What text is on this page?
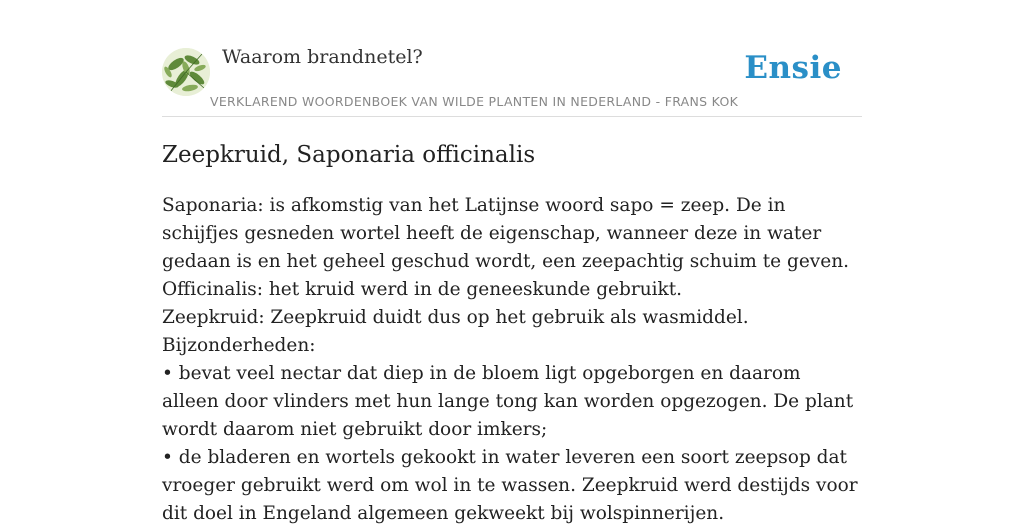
Waarom brandnetel?	Ensie
VERKLAREND WOORDENBOEK VAN WILDE PLANTEN IN NEDERLAND - FRANS KOK
Zeepkruid, Saponaria officinalis

Saponaria: is afkomstig van het Latijnse woord sapo = zeep. De in schijfjes gesneden wortel heeft de eigenschap, wanneer deze in water gedaan is en het geheel geschud wordt, een zeepachtig schuim te geven.

Officinalis: het kruid werd in de geneeskunde gebruikt.

Zeepkruid: Zeepkruid duidt dus op het gebruik als wasmiddel.

Bijzonderheden:

• bevat veel nectar dat diep in de bloem ligt opgeborgen en daarom alleen door vlinders met hun lange tong kan worden opgezogen. De plant wordt daarom niet gebruikt door imkers;

• de bladeren en wortels gekookt in water leveren een soort zeepsop dat vroeger gebruikt werd om wol in te wassen. Zeepkruid werd destijds voor dit doel in Engeland algemeen gekweekt bij wolspinnerijen.
